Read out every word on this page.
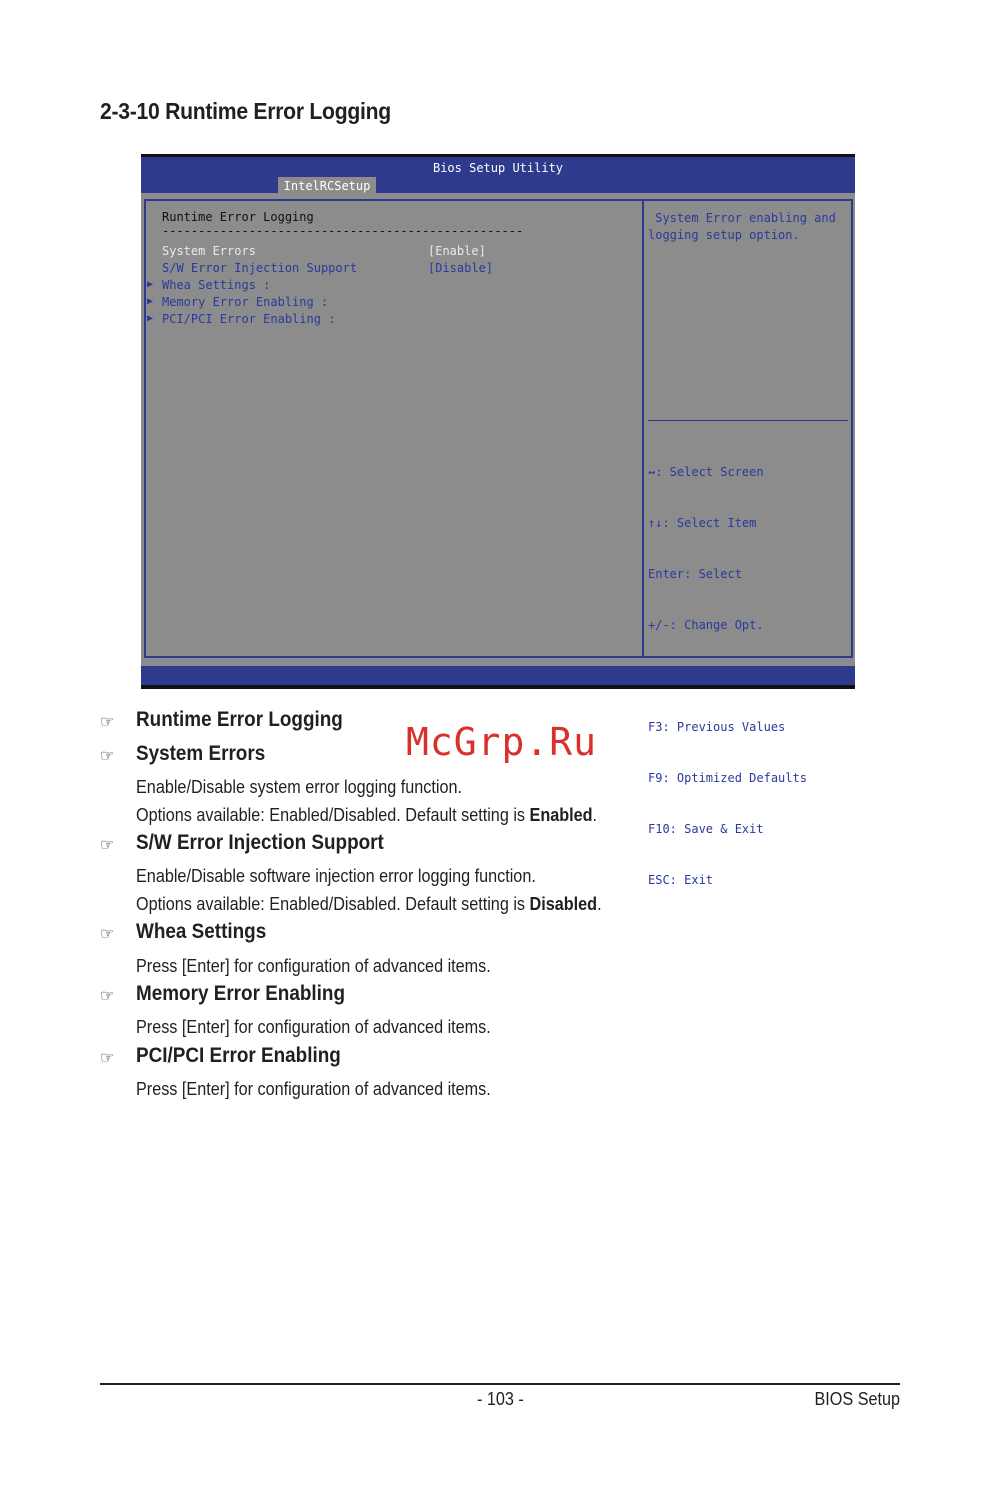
2-3-10 Runtime Error Logging
Bios Setup Utility
IntelRCSetup
Runtime Error Logging
--------------------------------------------------
System Errors	[Enable]
S/W Error Injection Support	[Disable]
▶ Whea Settings :
▶ Memory Error Enabling :
▶ PCI/PCI Error Enabling :
System Error enabling and
logging setup option.

↔: Select Screen

↑↓: Select Item

Enter: Select

+/-: Change Opt.

F3: Previous Values

F9: Optimized Defaults

F10: Save & Exit

ESC: Exit

☞ Runtime Error Logging
☞ System Errors
Enable/Disable system error logging function.
Options available: Enabled/Disabled. Default setting is Enabled.
☞ S/W Error Injection Support
Enable/Disable software injection error logging function.
Options available: Enabled/Disabled. Default setting is Disabled.
☞ Whea Settings
Press [Enter] for configuration of advanced items.
☞ Memory Error Enabling
Press [Enter] for configuration of advanced items.
☞ PCI/PCI Error Enabling
Press [Enter] for configuration of advanced items.
McGrp.Ru
- 103 -	BIOS Setup
